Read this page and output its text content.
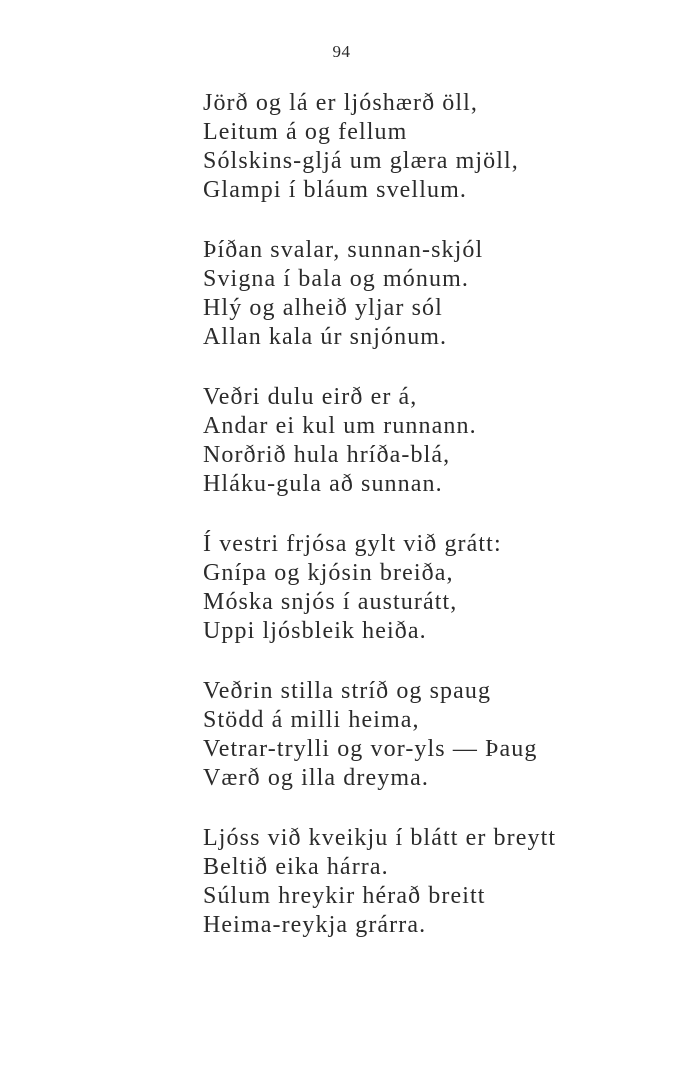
94
Jörð og lá er ljóshærð öll,
Leitum á og fellum
Sólskins-gljá um glæra mjöll,
Glampi í bláum svellum.
Þíðan svalar, sunnan-skjól
Svigna í bala og mónum.
Hlý og alheið yljar sól
Allan kala úr snjónum.
Veðri dulu eirð er á,
Andar ei kul um runnann.
Norðrið hula hríða-blá,
Hláku-gula að sunnan.
Í vestri frjósa gylt við grátt:
Gnípa og kjósin breiða,
Móska snjós í austurátt,
Uppi ljósbleik heiða.
Veðrin stilla stríð og spaug
Stödd á milli heima,
Vetrar-trylli og vor-yls — Þaug
Værð og illa dreyma.
Ljóss við kveikju í blátt er breytt
Beltið eika hárra.
Súlum hreykir hérað breitt
Heima-reykja grárra.
